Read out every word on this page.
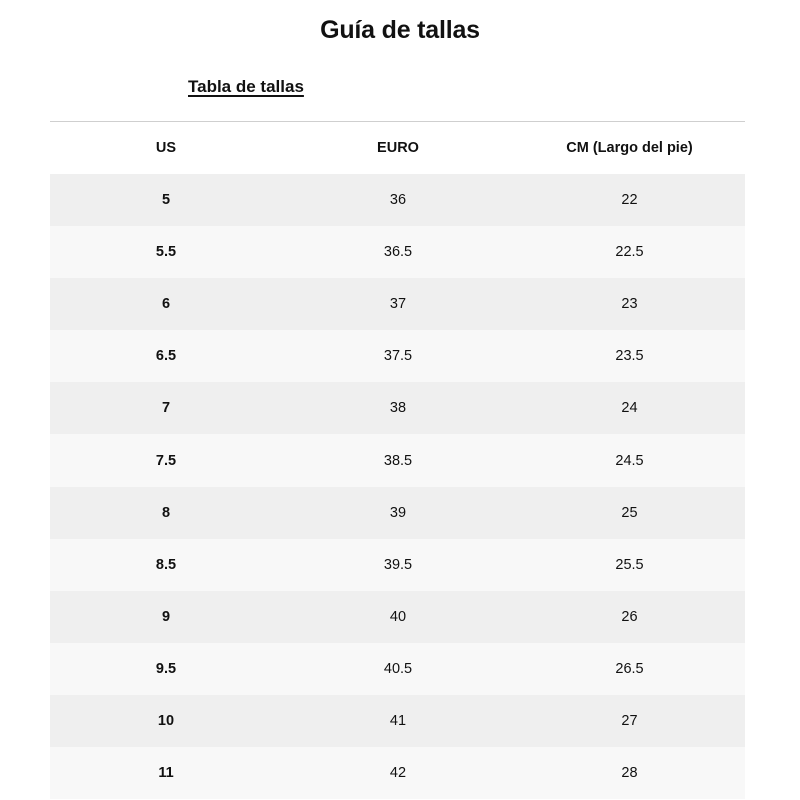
Guía de tallas
Tabla de tallas
US	EURO	CM (Largo del pie)
5	36	22
5.5	36.5	22.5
6	37	23
6.5	37.5	23.5
7	38	24
7.5	38.5	24.5
8	39	25
8.5	39.5	25.5
9	40	26
9.5	40.5	26.5
10	41	27
11	42	28
